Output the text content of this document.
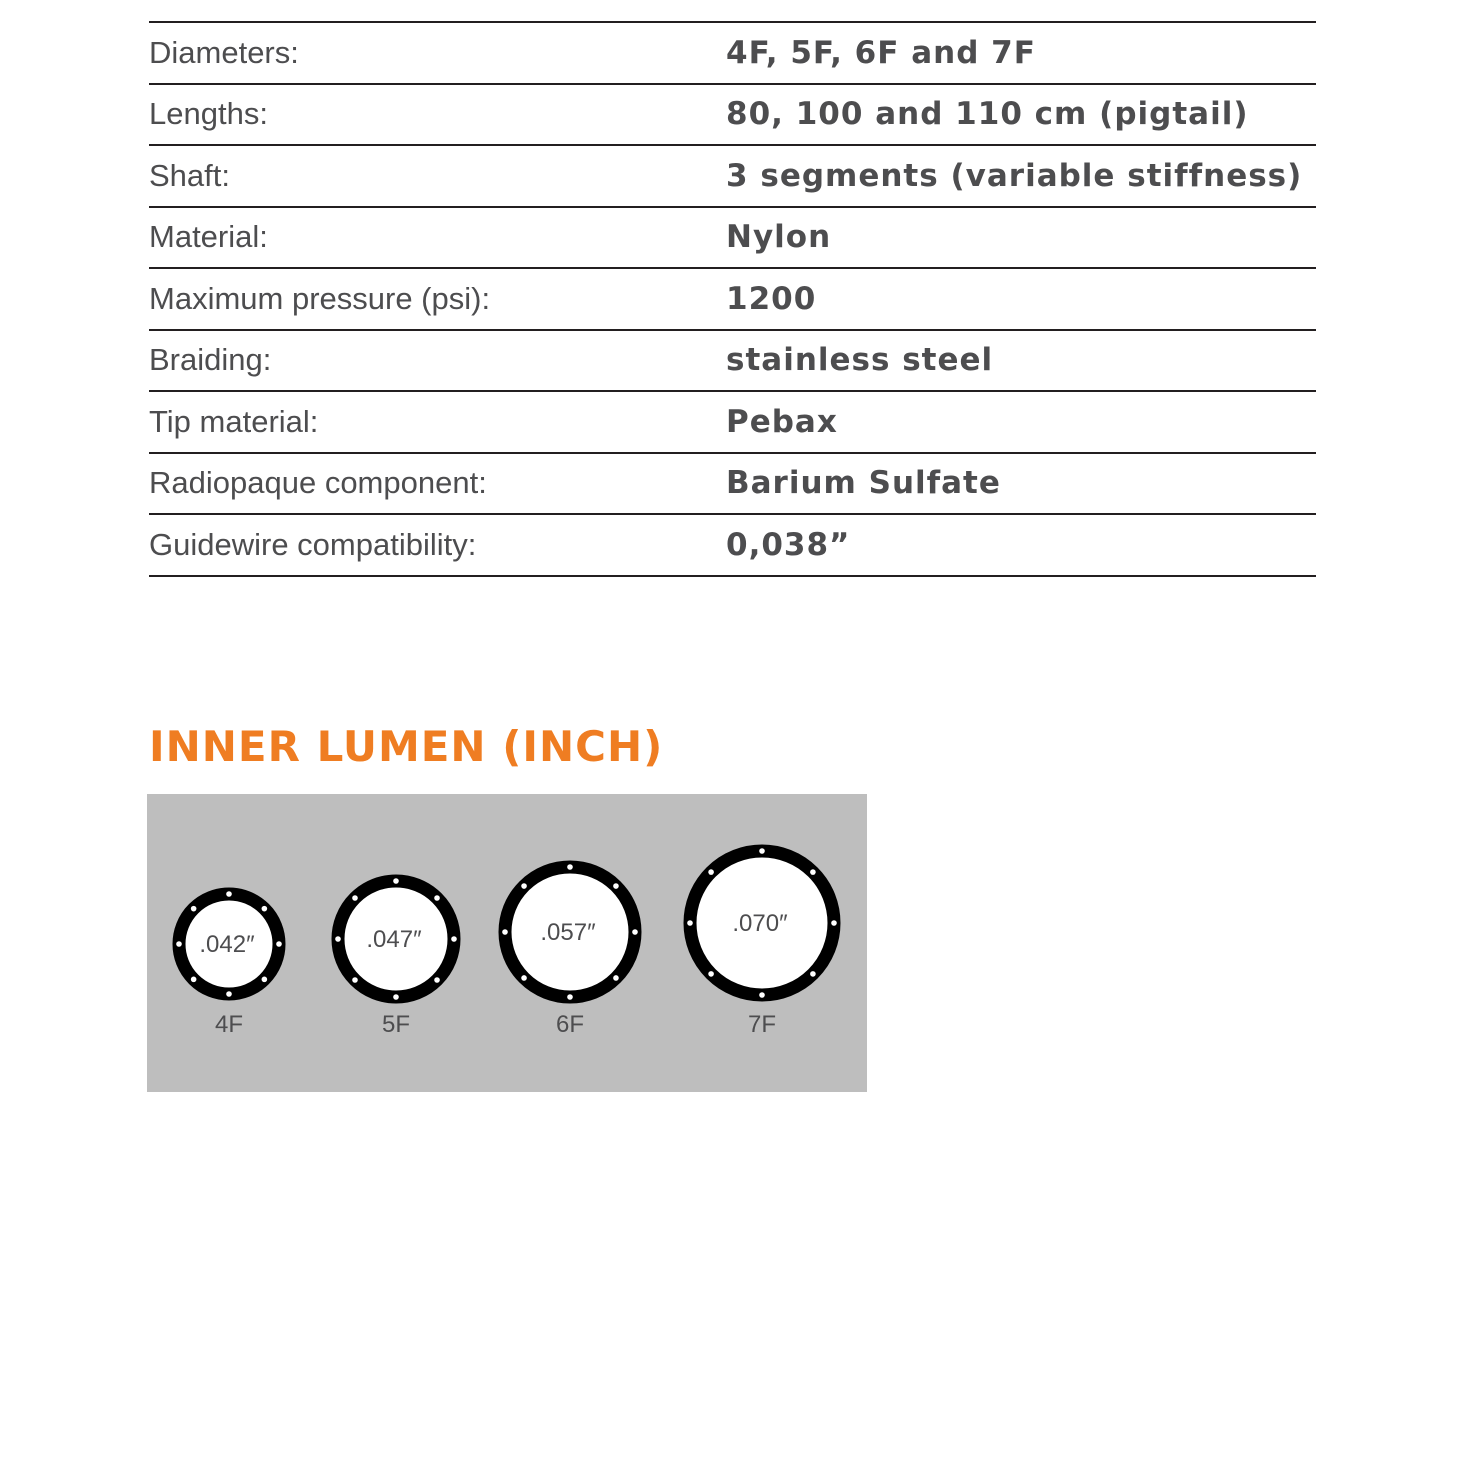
Diameters:	4F, 5F, 6F and 7F
Lengths:	80, 100 and 110 cm (pigtail)
Shaft:	3 segments (variable stiffness)
Material:	Nylon
Maximum pressure (psi):	1200
Braiding:	stainless steel
Tip material:	Pebax
Radiopaque component:	Barium Sulfate
Guidewire compatibility:	0,038”
INNER LUMEN (INCH)
.042″
4F
.047″
5F
.057″
6F
.070″
7F
